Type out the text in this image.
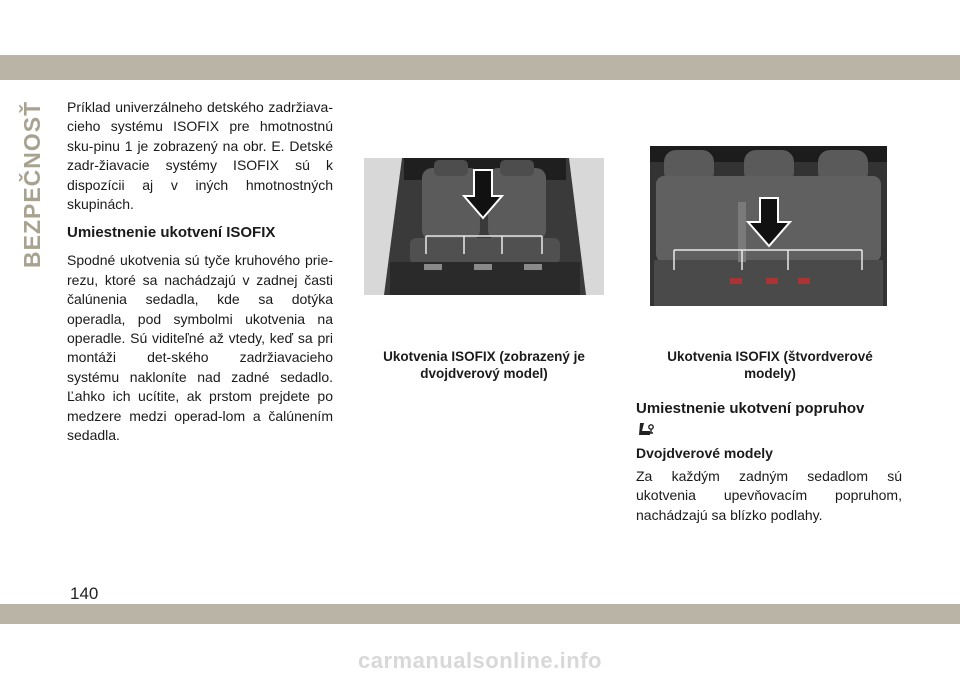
BEZPEČNOSŤ Príklad univerzálneho detského zadržiava-cieho systému ISOFIX pre hmotnostnú sku-pinu 1 je zobrazený na obr. E. Detské zadr-žiavacie systémy ISOFIX sú k dispozícii aj v iných hmotnostných skupinách.

Umiestnenie ukotvení ISOFIX

Spodné ukotvenia sú tyče kruhového prie-rezu, ktoré sa nachádzajú v zadnej časti čalúnenia sedadla, kde sa dotýka operadla, pod symbolmi ukotvenia na operadle. Sú viditeľné až vtedy, keď sa pri montáži det-ského zadržiavacieho systému nakloníte nad zadné sedadlo. Ľahko ich ucítite, ak prstom prejdete po medzere medzi operad-lom a čalúnením sedadla.

Ukotvenia ISOFIX (zobrazený je dvojdverový model)
Ukotvenia ISOFIX (štvordverové modely)
Umiestnenie ukotvení popruhov
Dvojdverové modely

Za každým zadným sedadlom sú ukotvenia upevňovacím popruhom, nachádzajú sa blízko podlahy.

140
carmanualsonline.info
